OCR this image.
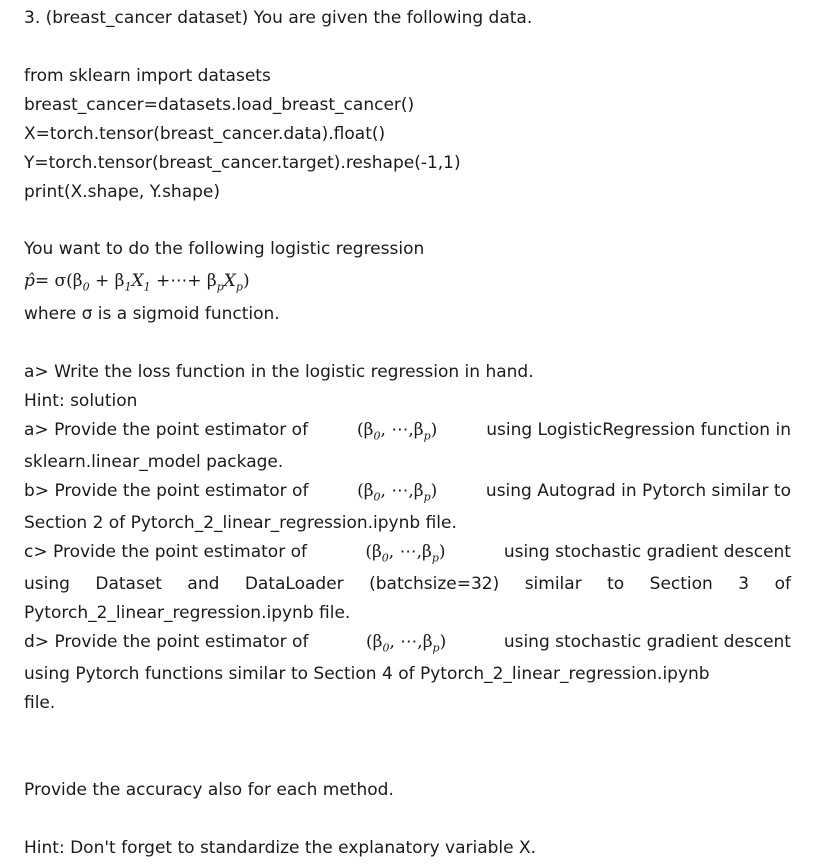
3. (breast_cancer dataset) You are given the following data.
from sklearn import datasets
breast_cancer=datasets.load_breast_cancer()
X=torch.tensor(breast_cancer.data).float()
Y=torch.tensor(breast_cancer.target).reshape(-1,1)
print(X.shape, Y.shape)
You want to do the following logistic regression
p̂= $\sigma(\beta_0 + \beta_1X_1$ +⋯+ $\beta_pX_p$)
where σ is a sigmoid function.
a> Write the loss function in the logistic regression in hand.
Hint: solution
a> Provide the point estimator of	($\beta_0$, $\cdots,\beta_p$)	using LogisticRegression function in
sklearn.linear_model package.
b> Provide the point estimator of	($\beta_0$, $\cdots,\beta_p$)	using Autograd in Pytorch similar to
Section 2 of Pytorch_2_linear_regression.ipynb file.
c> Provide the point estimator of	($\beta_0$, $\cdots,\beta_p$)	using stochastic gradient descent
using Dataset and DataLoader (batchsize=32) similar to Section 3 of
Pytorch_2_linear_regression.ipynb file.
d> Provide the point estimator of	($\beta_0$, $\cdots,\beta_p$)	using stochastic gradient descent
using Pytorch functions similar to Section 4 of Pytorch_2_linear_regression.ipynb
file.
Provide the accuracy also for each method.
Hint: Don't forget to standardize the explanatory variable X.
